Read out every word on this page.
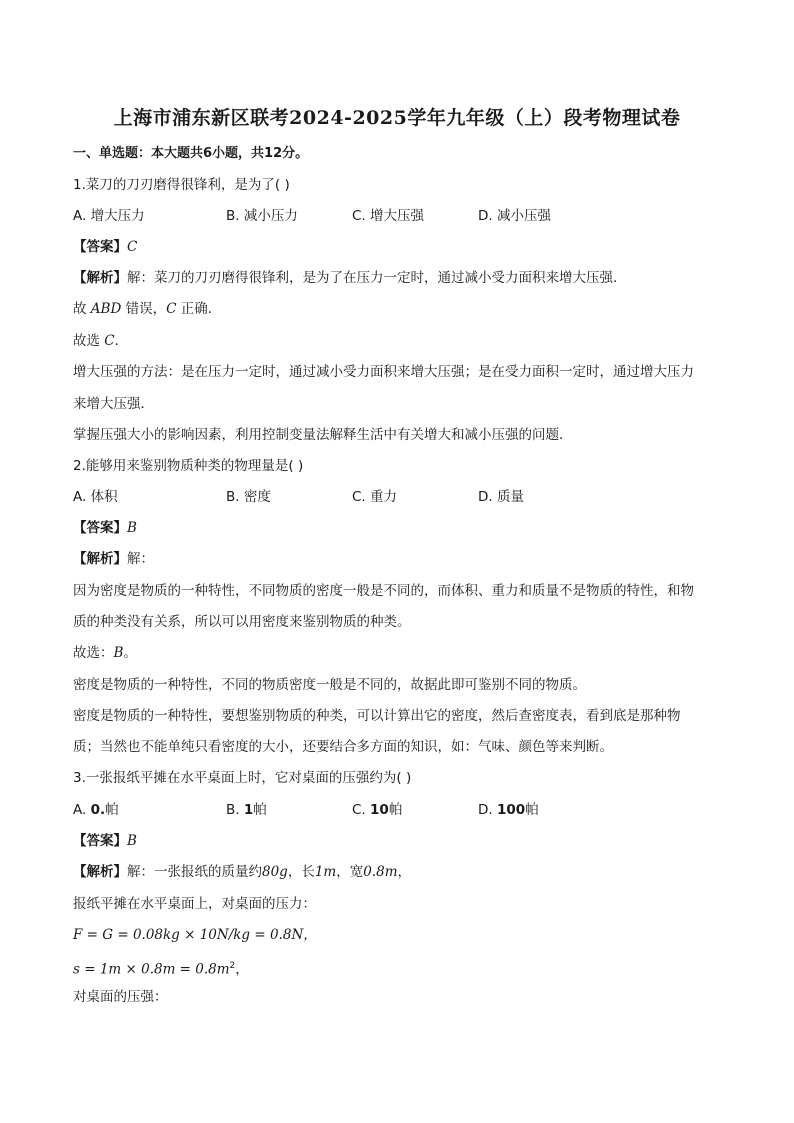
上海市浦东新区联考2024-2025学年九年级（上）段考物理试卷
一、单选题：本大题共6小题，共12分。
1.菜刀的刀刃磨得很锋利，是为了( )
A. 增大压力	B. 减小压力	C. 增大压强	D. 减小压强
【答案】C
【解析】解：菜刀的刀刃磨得很锋利，是为了在压力一定时，通过减小受力面积来增大压强．
故 ABD 错误，C 正确．
故选 C．
增大压强的方法：是在压力一定时，通过减小受力面积来增大压强；是在受力面积一定时，通过增大压力
来增大压强．
掌握压强大小的影响因素，利用控制变量法解释生活中有关增大和减小压强的问题．
2.能够用来鉴别物质种类的物理量是( )
A. 体积	B. 密度	C. 重力	D. 质量
【答案】B
【解析】解：
因为密度是物质的一种特性，不同物质的密度一般是不同的，而体积、重力和质量不是物质的特性，和物
质的种类没有关系，所以可以用密度来鉴别物质的种类。
故选：B。
密度是物质的一种特性，不同的物质密度一般是不同的，故据此即可鉴别不同的物质。
密度是物质的一种特性，要想鉴别物质的种类，可以计算出它的密度，然后查密度表，看到底是那种物
质；当然也不能单纯只看密度的大小，还要结合多方面的知识，如：气味、颜色等来判断。
3.一张报纸平摊在水平桌面上时，它对桌面的压强约为( )
A. 0.帕	B. 1帕	C. 10帕	D. 100帕
【答案】B
【解析】解：一张报纸的质量约80g，长1m，宽0.8m，
报纸平摊在水平桌面上，对桌面的压力：
F = G = 0.08kg × 10N/kg = 0.8N，
$s = 1m \times 0.8m = 0.8m^2$，
对桌面的压强：
